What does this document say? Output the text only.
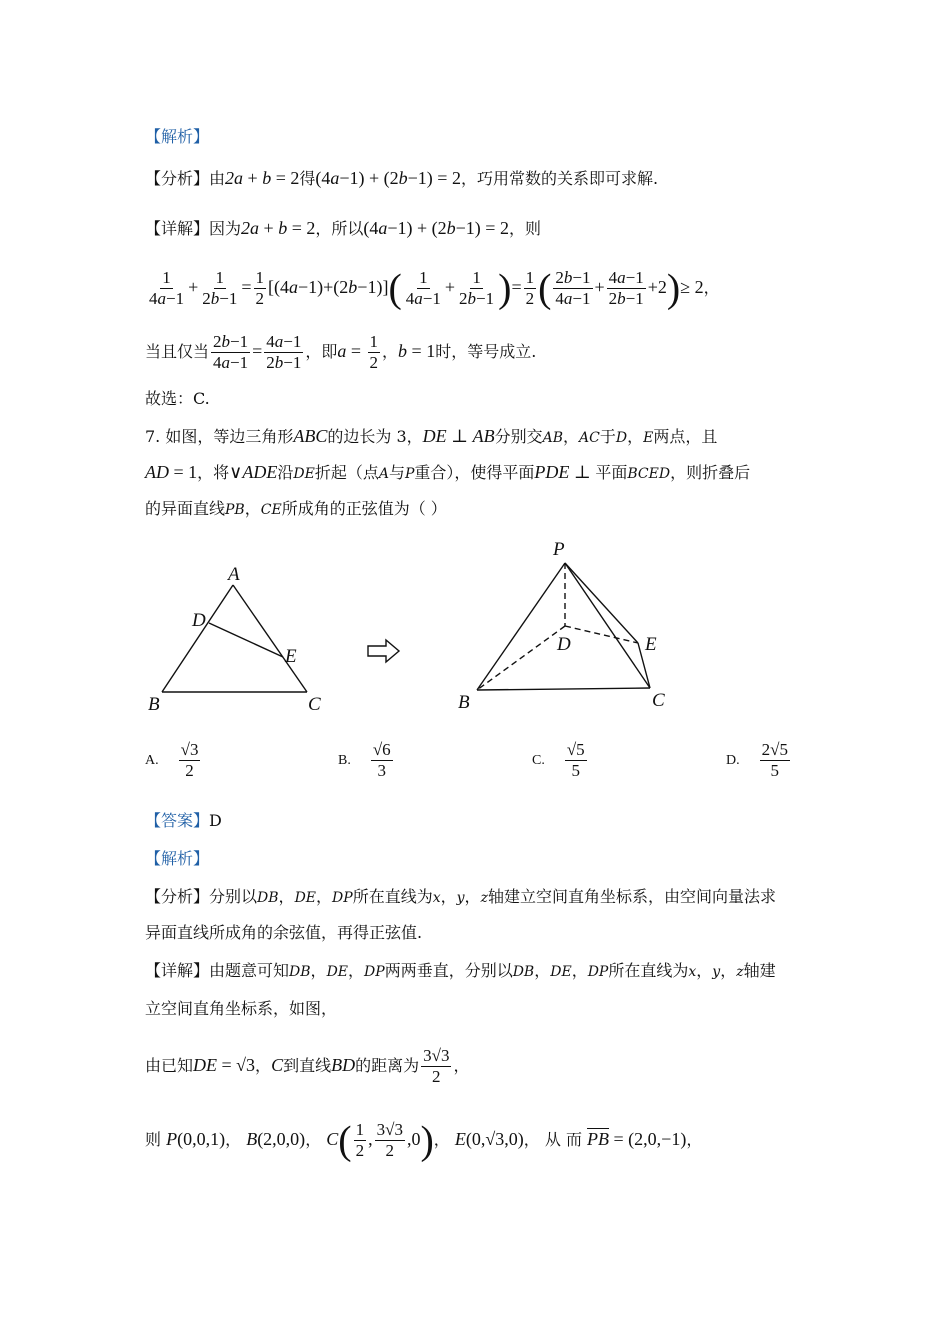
【解析】
【分析】由2a + b = 2得(4a−1) + (2b−1) = 2，巧用常数的关系即可求解.
【详解】因为2a + b = 2，所以(4a−1) + (2b−1) = 2，则
$\frac{1}{4a-1} + \frac{1}{2b-1} = \frac{1}{2} [(4a-1)+(2b-1)]( \frac{1}{4a-1} + \frac{1}{2b-1}$ )= $\frac{1}{2}$ ( $\frac{2b-1}{4a-1} + \frac{4a-1}{2b-1} +2)\ge 2$，
当且仅当 $\frac{2b-1}{4a-1} = \frac{4a-1}{2b-1}$ ，即$a = \frac{1}{2}$ ，b = 1时，等号成立.
故选：C.
7. 如图，等边三角形ABC的边长为 3，DE ⊥ AB分别交AB，AC于D，E两点，且
AD = 1，将∨ADE沿DE折起（点A与P重合），使得平面PDE ⊥ 平面BCED，则折叠后
的异面直线PB，CE所成角的正弦值为（ ）
A
D
E
B	C
P
D	E
B	C
A. $\frac{√3}{2}$	B. $\frac{√6}{3}$	C. $\frac{√5}{5}$	D. $\frac{2√5}{5}$
【答案】D
【解析】
【分析】分别以DB，DE，DP所在直线为x，y，z轴建立空间直角坐标系，由空间向量法求
异面直线所成角的余弦值，再得正弦值.
【详解】由题意可知DB，DE，DP两两垂直，分别以DB，DE，DP所在直线为x，y，z轴建
立空间直角坐标系，如图，
由已知DE = √3，C到直线BD的距离为 $\frac{3√3}{2}$ ，
则 P(0,0,1)， B(2,0,0)， $C( \frac{1}{2}$ , $\frac{3√3}{2} ,0$)， E(0,√3,0)， 从 而 $\overline{PB} = (2,0,-1)$，
